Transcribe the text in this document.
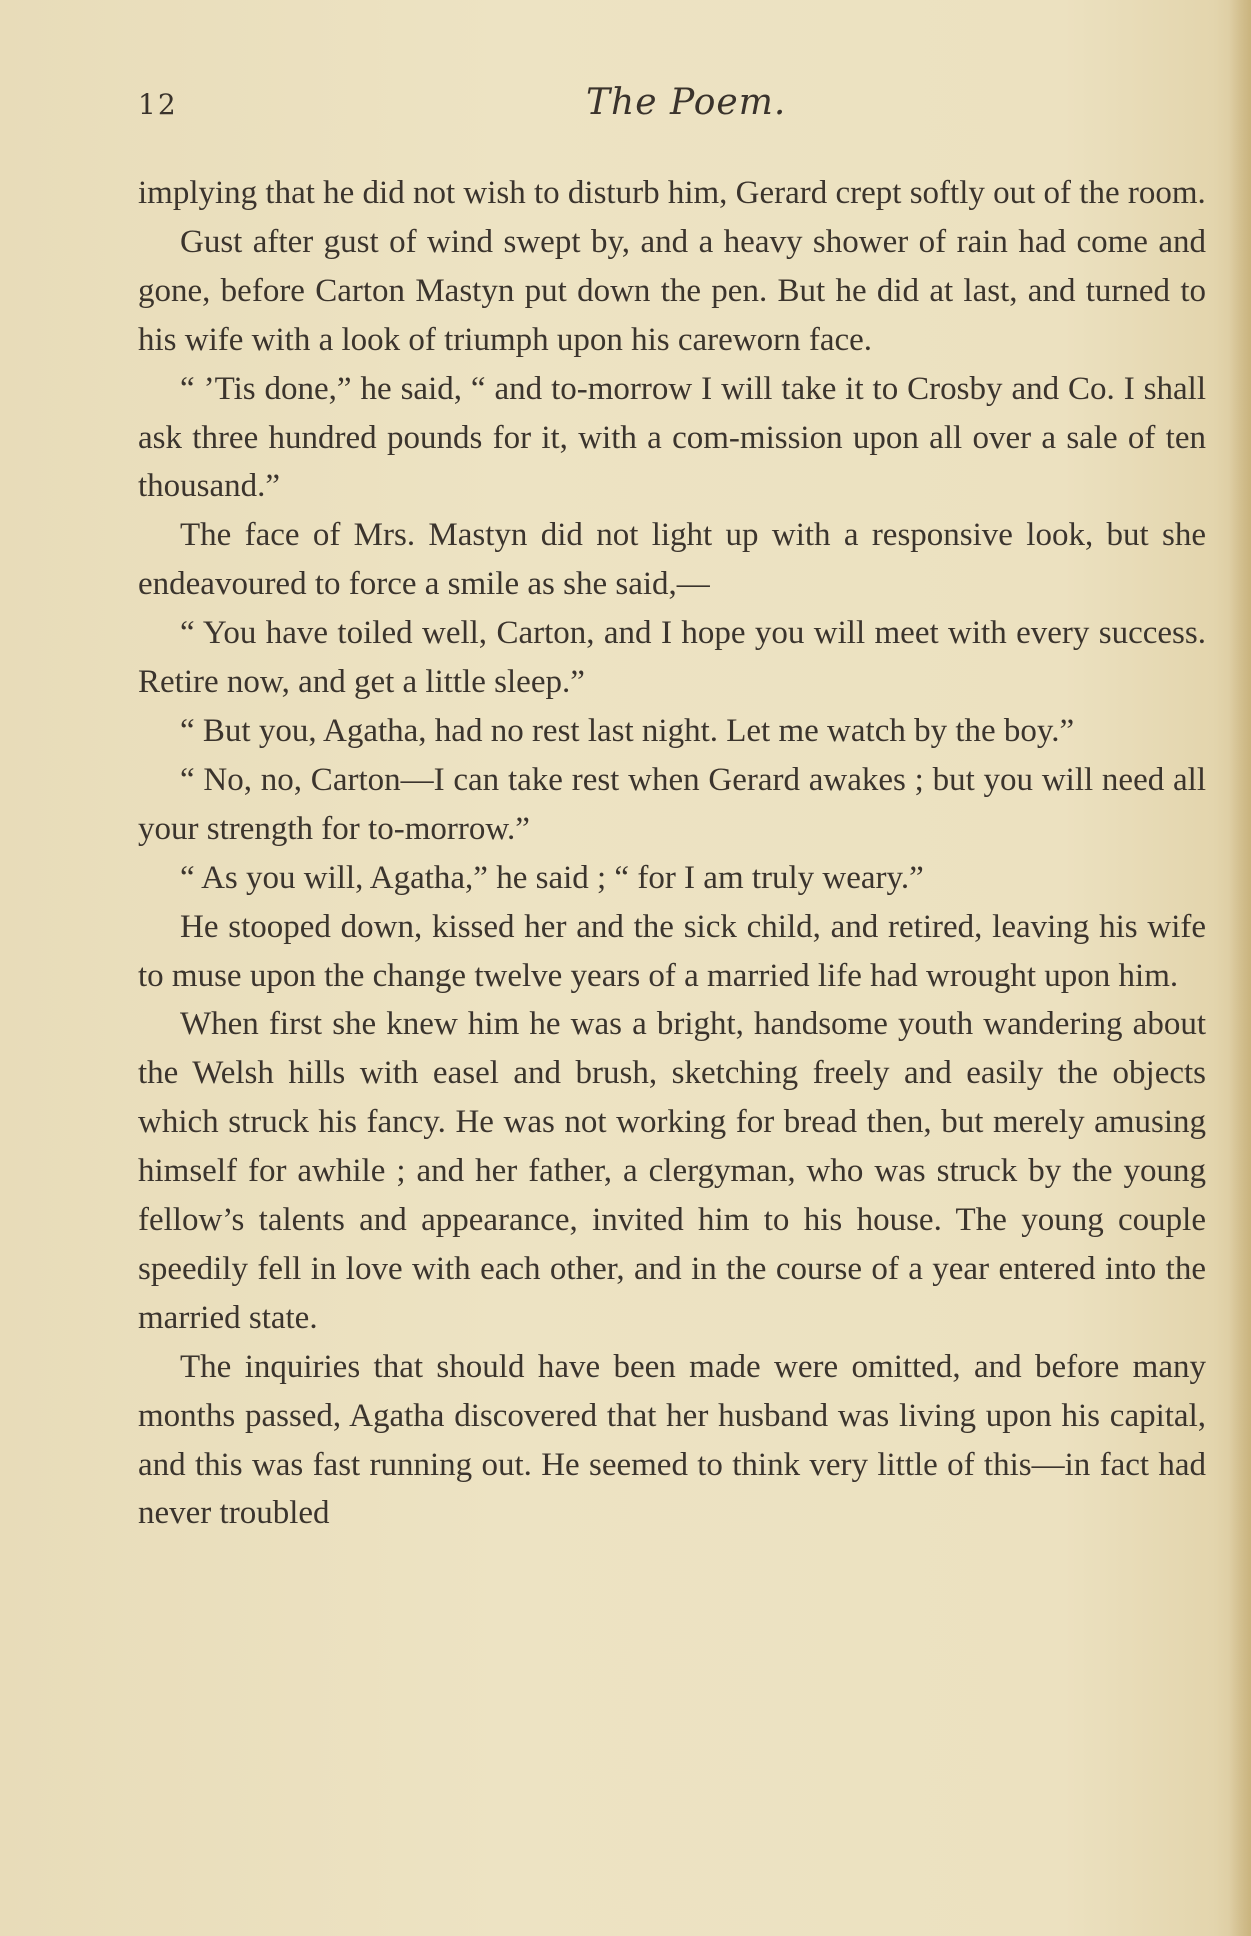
12	The Poem.

implying that he did not wish to disturb him, Gerard crept softly out of the room.

Gust after gust of wind swept by, and a heavy shower of rain had come and gone, before Carton Mastyn put down the pen. But he did at last, and turned to his wife with a look of triumph upon his careworn face.

“ ’Tis done,” he said, “ and to-morrow I will take it to Crosby and Co. I shall ask three hundred pounds for it, with a com-mission upon all over a sale of ten thousand.”

The face of Mrs. Mastyn did not light up with a responsive look, but she endeavoured to force a smile as she said,—

“ You have toiled well, Carton, and I hope you will meet with every success. Retire now, and get a little sleep.”

“ But you, Agatha, had no rest last night. Let me watch by the boy.”

“ No, no, Carton—I can take rest when Gerard awakes ; but you will need all your strength for to-morrow.”

“ As you will, Agatha,” he said ; “ for I am truly weary.”

He stooped down, kissed her and the sick child, and retired, leaving his wife to muse upon the change twelve years of a married life had wrought upon him.

When first she knew him he was a bright, handsome youth wandering about the Welsh hills with easel and brush, sketching freely and easily the objects which struck his fancy. He was not working for bread then, but merely amusing himself for awhile ; and her father, a clergyman, who was struck by the young fellow’s talents and appearance, invited him to his house. The young couple speedily fell in love with each other, and in the course of a year entered into the married state.

The inquiries that should have been made were omitted, and before many months passed, Agatha discovered that her husband was living upon his capital, and this was fast running out. He seemed to think very little of this—in fact had never troubled
